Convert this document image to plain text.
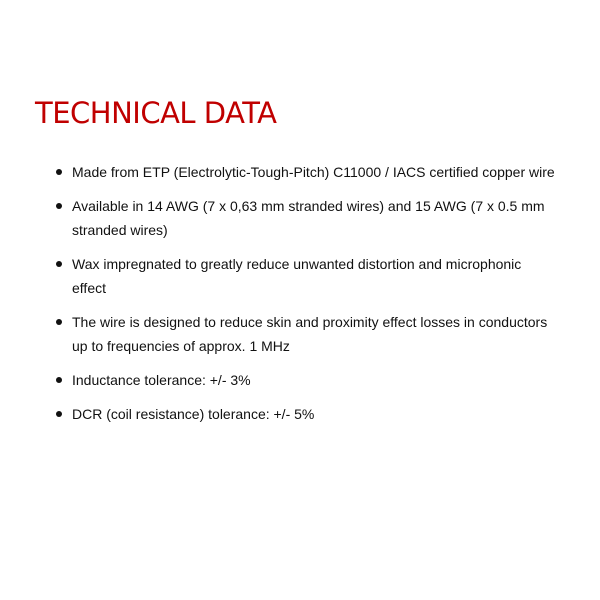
TECHNICAL DATA
Made from ETP (Electrolytic-Tough-Pitch) C11000 / IACS certified copper wire
Available in 14 AWG (7 x 0,63 mm stranded wires) and 15 AWG (7 x 0.5 mm stranded wires)
Wax impregnated to greatly reduce unwanted distortion and microphonic effect
The wire is designed to reduce skin and proximity effect losses in conductors up to frequencies of approx. 1 MHz
Inductance tolerance: +/- 3%
DCR (coil resistance) tolerance: +/- 5%
